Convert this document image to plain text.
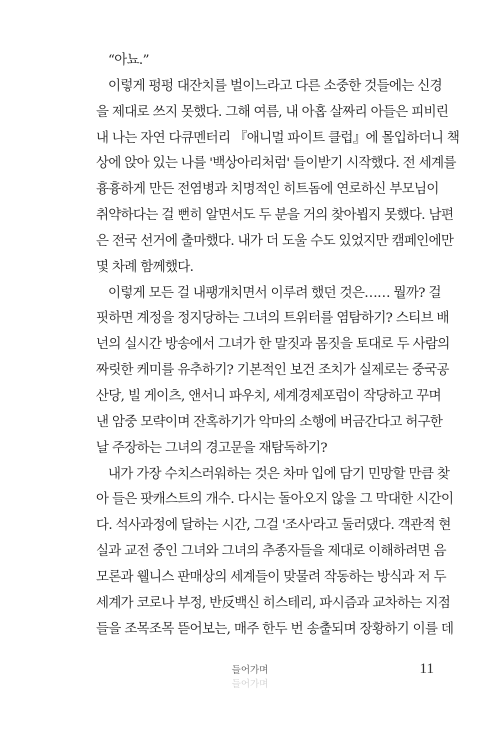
“아뇨.”
이렇게 펑펑 대잔치를 벌이느라고 다른 소중한 것들에는 신경
을 제대로 쓰지 못했다. 그해 여름, 내 아홉 살짜리 아들은 피비린
내 나는 자연 다큐멘터리 『애니멀 파이트 클럽』에 몰입하더니 책
상에 앉아 있는 나를 '백상아리처럼' 들이받기 시작했다. 전 세계를
흉흉하게 만든 전염병과 치명적인 히트돔에 연로하신 부모님이
취약하다는 걸 뻔히 알면서도 두 분을 거의 찾아뵙지 못했다. 남편
은 전국 선거에 출마했다. 내가 더 도울 수도 있었지만 캠페인에만
몇 차례 함께했다.
이렇게 모든 걸 내팽개치면서 이루려 했던 것은…… 뭘까? 걸
핏하면 계정을 정지당하는 그녀의 트위터를 염탐하기? 스티브 배
넌의 실시간 방송에서 그녀가 한 말짓과 몸짓을 토대로 두 사람의
짜릿한 케미를 유추하기? 기본적인 보건 조치가 실제로는 중국공
산당, 빌 게이츠, 앤서니 파우치, 세계경제포럼이 작당하고 꾸며
낸 암중 모략이며 잔혹하기가 악마의 소행에 버금간다고 허구한
날 주장하는 그녀의 경고문을 재탐독하기?
내가 가장 수치스러워하는 것은 차마 입에 담기 민망할 만큼 찾
아 들은 팟캐스트의 개수. 다시는 돌아오지 않을 그 막대한 시간이
다. 석사과정에 달하는 시간, 그걸 '조사'라고 둘러댔다. 객관적 현
실과 교전 중인 그녀와 그녀의 추종자들을 제대로 이해하려면 음
모론과 웰니스 판매상의 세계들이 맞물려 작동하는 방식과 저 두
세계가 코로나 부정, 반反백신 히스테리, 파시즘과 교차하는 지점
들을 조목조목 뜯어보는, 매주 한두 번 송출되며 장황하기 이를 데
들어가며
들어가며
11
